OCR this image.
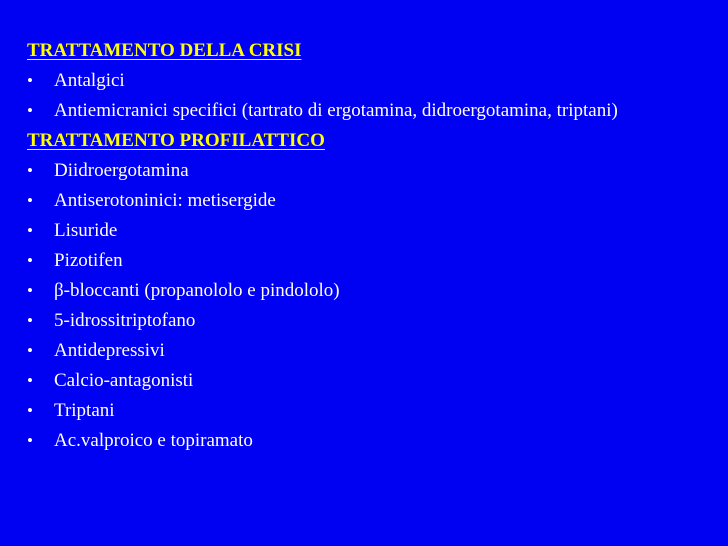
TRATTAMENTO DELLA CRISI
•	Antalgici
•	Antiemicranici specifici (tartrato di ergotamina, didroergotamina, triptani)
TRATTAMENTO PROFILATTICO
•	Diidroergotamina
•	Antiserotoninici: metisergide
•	Lisuride
•	Pizotifen
•	β-bloccanti (propanololo e pindololo)
•	5-idrossitriptofano
•	Antidepressivi
•	Calcio-antagonisti
•	Triptani
•	Ac.valproico e topiramato
